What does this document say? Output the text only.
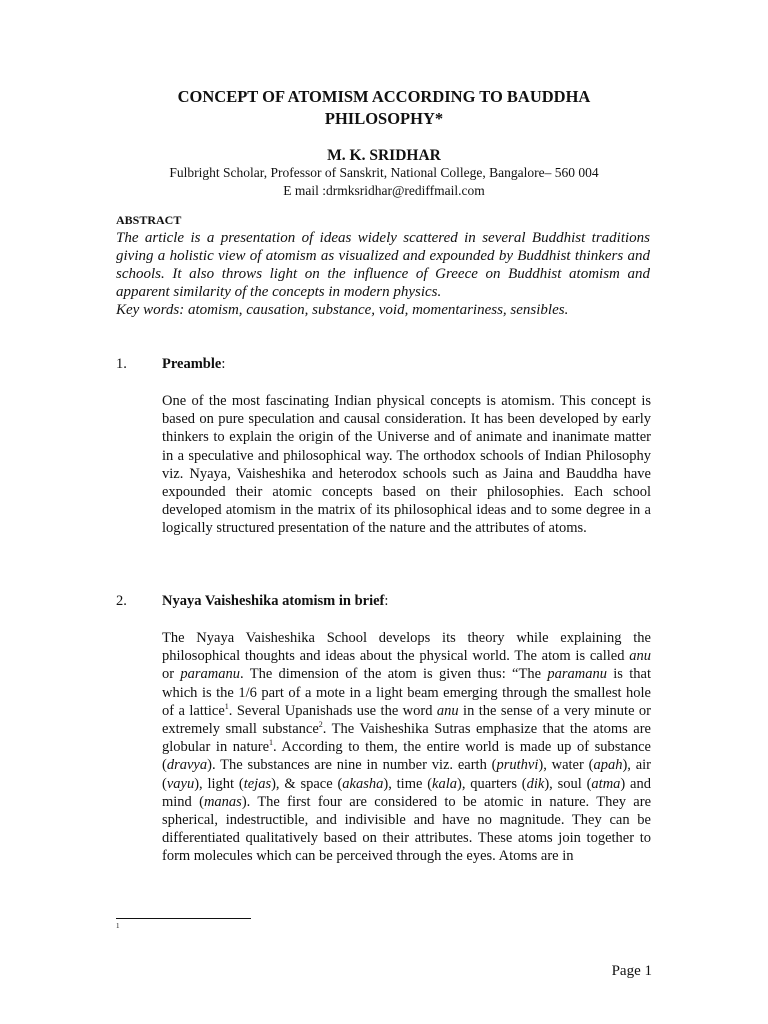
CONCEPT OF ATOMISM ACCORDING TO BAUDDHA PHILOSOPHY*
M. K. SRIDHAR
Fulbright Scholar, Professor of Sanskrit, National College, Bangalore– 560 004
E mail :drmksridhar@rediffmail.com
ABSTRACT

The article is a presentation of ideas widely scattered in several Buddhist traditions giving a holistic view of atomism as visualized and expounded by Buddhist thinkers and schools. It also throws light on the influence of Greece on Buddhist atomism and apparent similarity of the concepts in modern physics.

Key words: atomism, causation, substance, void, momentariness, sensibles.

1. Preamble:

One of the most fascinating Indian physical concepts is atomism. This concept is based on pure speculation and causal consideration. It has been developed by early thinkers to explain the origin of the Universe and of animate and inanimate matter in a speculative and philosophical way. The orthodox schools of Indian Philosophy viz. Nyaya, Vaisheshika and heterodox schools such as Jaina and Bauddha have expounded their atomic concepts based on their philosophies. Each school developed atomism in the matrix of its philosophical ideas and to some degree in a logically structured presentation of the nature and the attributes of atoms.

2. Nyaya Vaisheshika atomism in brief:

The Nyaya Vaisheshika School develops its theory while explaining the philosophical thoughts and ideas about the physical world. The atom is called anu or paramanu. The dimension of the atom is given thus: “The paramanu is that which is the 1/6 part of a mote in a light beam emerging through the smallest hole of a lattice$^1$. Several Upanishads use the word anu in the sense of a very minute or extremely small substance$^2$. The Vaisheshika Sutras emphasize that the atoms are globular in nature$^1$. According to them, the entire world is made up of substance (dravya). The substances are nine in number viz. earth (pruthvi), water (apah), air (vayu), light (tejas), & space (akasha), time (kala), quarters (dik), soul (atma) and mind (manas). The first four are considered to be atomic in nature. They are spherical, indestructible, and indivisible and have no magnitude. They can be differentiated qualitatively based on their attributes. These atoms join together to form molecules which can be perceived through the eyes. Atoms are in

1
Page 1
